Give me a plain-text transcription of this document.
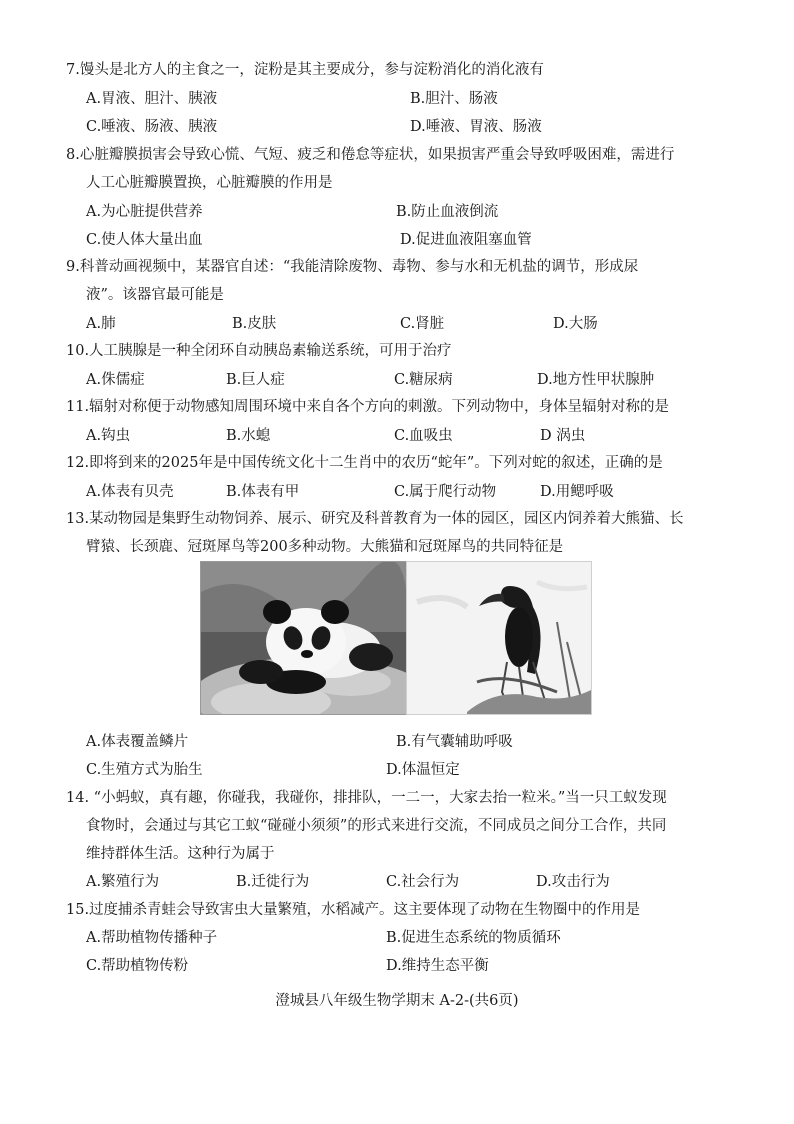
7.馒头是北方人的主食之一，淀粉是其主要成分，参与淀粉消化的消化液有
A.胃液、胆汁、胰液	B.胆汁、肠液
C.唾液、肠液、胰液	D.唾液、胃液、肠液
8.心脏瓣膜损害会导致心慌、气短、疲乏和倦怠等症状，如果损害严重会导致呼吸困难，需进行
人工心脏瓣膜置换，心脏瓣膜的作用是
A.为心脏提供营养	B.防止血液倒流
C.使人体大量出血	D.促进血液阻塞血管
9.科普动画视频中，某器官自述：“我能清除废物、毒物、参与水和无机盐的调节，形成尿
液”。该器官最可能是
A.肺	B.皮肤	C.肾脏	D.大肠
10.人工胰腺是一种全闭环自动胰岛素输送系统，可用于治疗
A.侏儒症	B.巨人症	C.糖尿病	D.地方性甲状腺肿
11.辐射对称便于动物感知周围环境中来自各个方向的刺激。下列动物中，身体呈辐射对称的是
A.钩虫	B.水螅	C.血吸虫	D 涡虫
12.即将到来的2025年是中国传统文化十二生肖中的农历“蛇年”。下列对蛇的叙述，正确的是
A.体表有贝壳	B.体表有甲	C.属于爬行动物	D.用鳃呼吸
13.某动物园是集野生动物饲养、展示、研究及科普教育为一体的园区，园区内饲养着大熊猫、长
臂猿、长颈鹿、冠斑犀鸟等200多种动物。大熊猫和冠斑犀鸟的共同特征是
A.体表覆盖鳞片	B.有气囊辅助呼吸
C.生殖方式为胎生	D.体温恒定
14. “小蚂蚁，真有趣，你碰我，我碰你，排排队，一二一，大家去抬一粒米。”当一只工蚁发现
食物时，会通过与其它工蚁“碰碰小须须”的形式来进行交流，不同成员之间分工合作，共同
维持群体生活。这种行为属于
A.繁殖行为	B.迁徙行为	C.社会行为	D.攻击行为
15.过度捕杀青蛙会导致害虫大量繁殖，水稻减产。这主要体现了动物在生物圈中的作用是
A.帮助植物传播种子	B.促进生态系统的物质循环
C.帮助植物传粉	D.维持生态平衡
澄城县八年级生物学期末 A-2-(共6页)
